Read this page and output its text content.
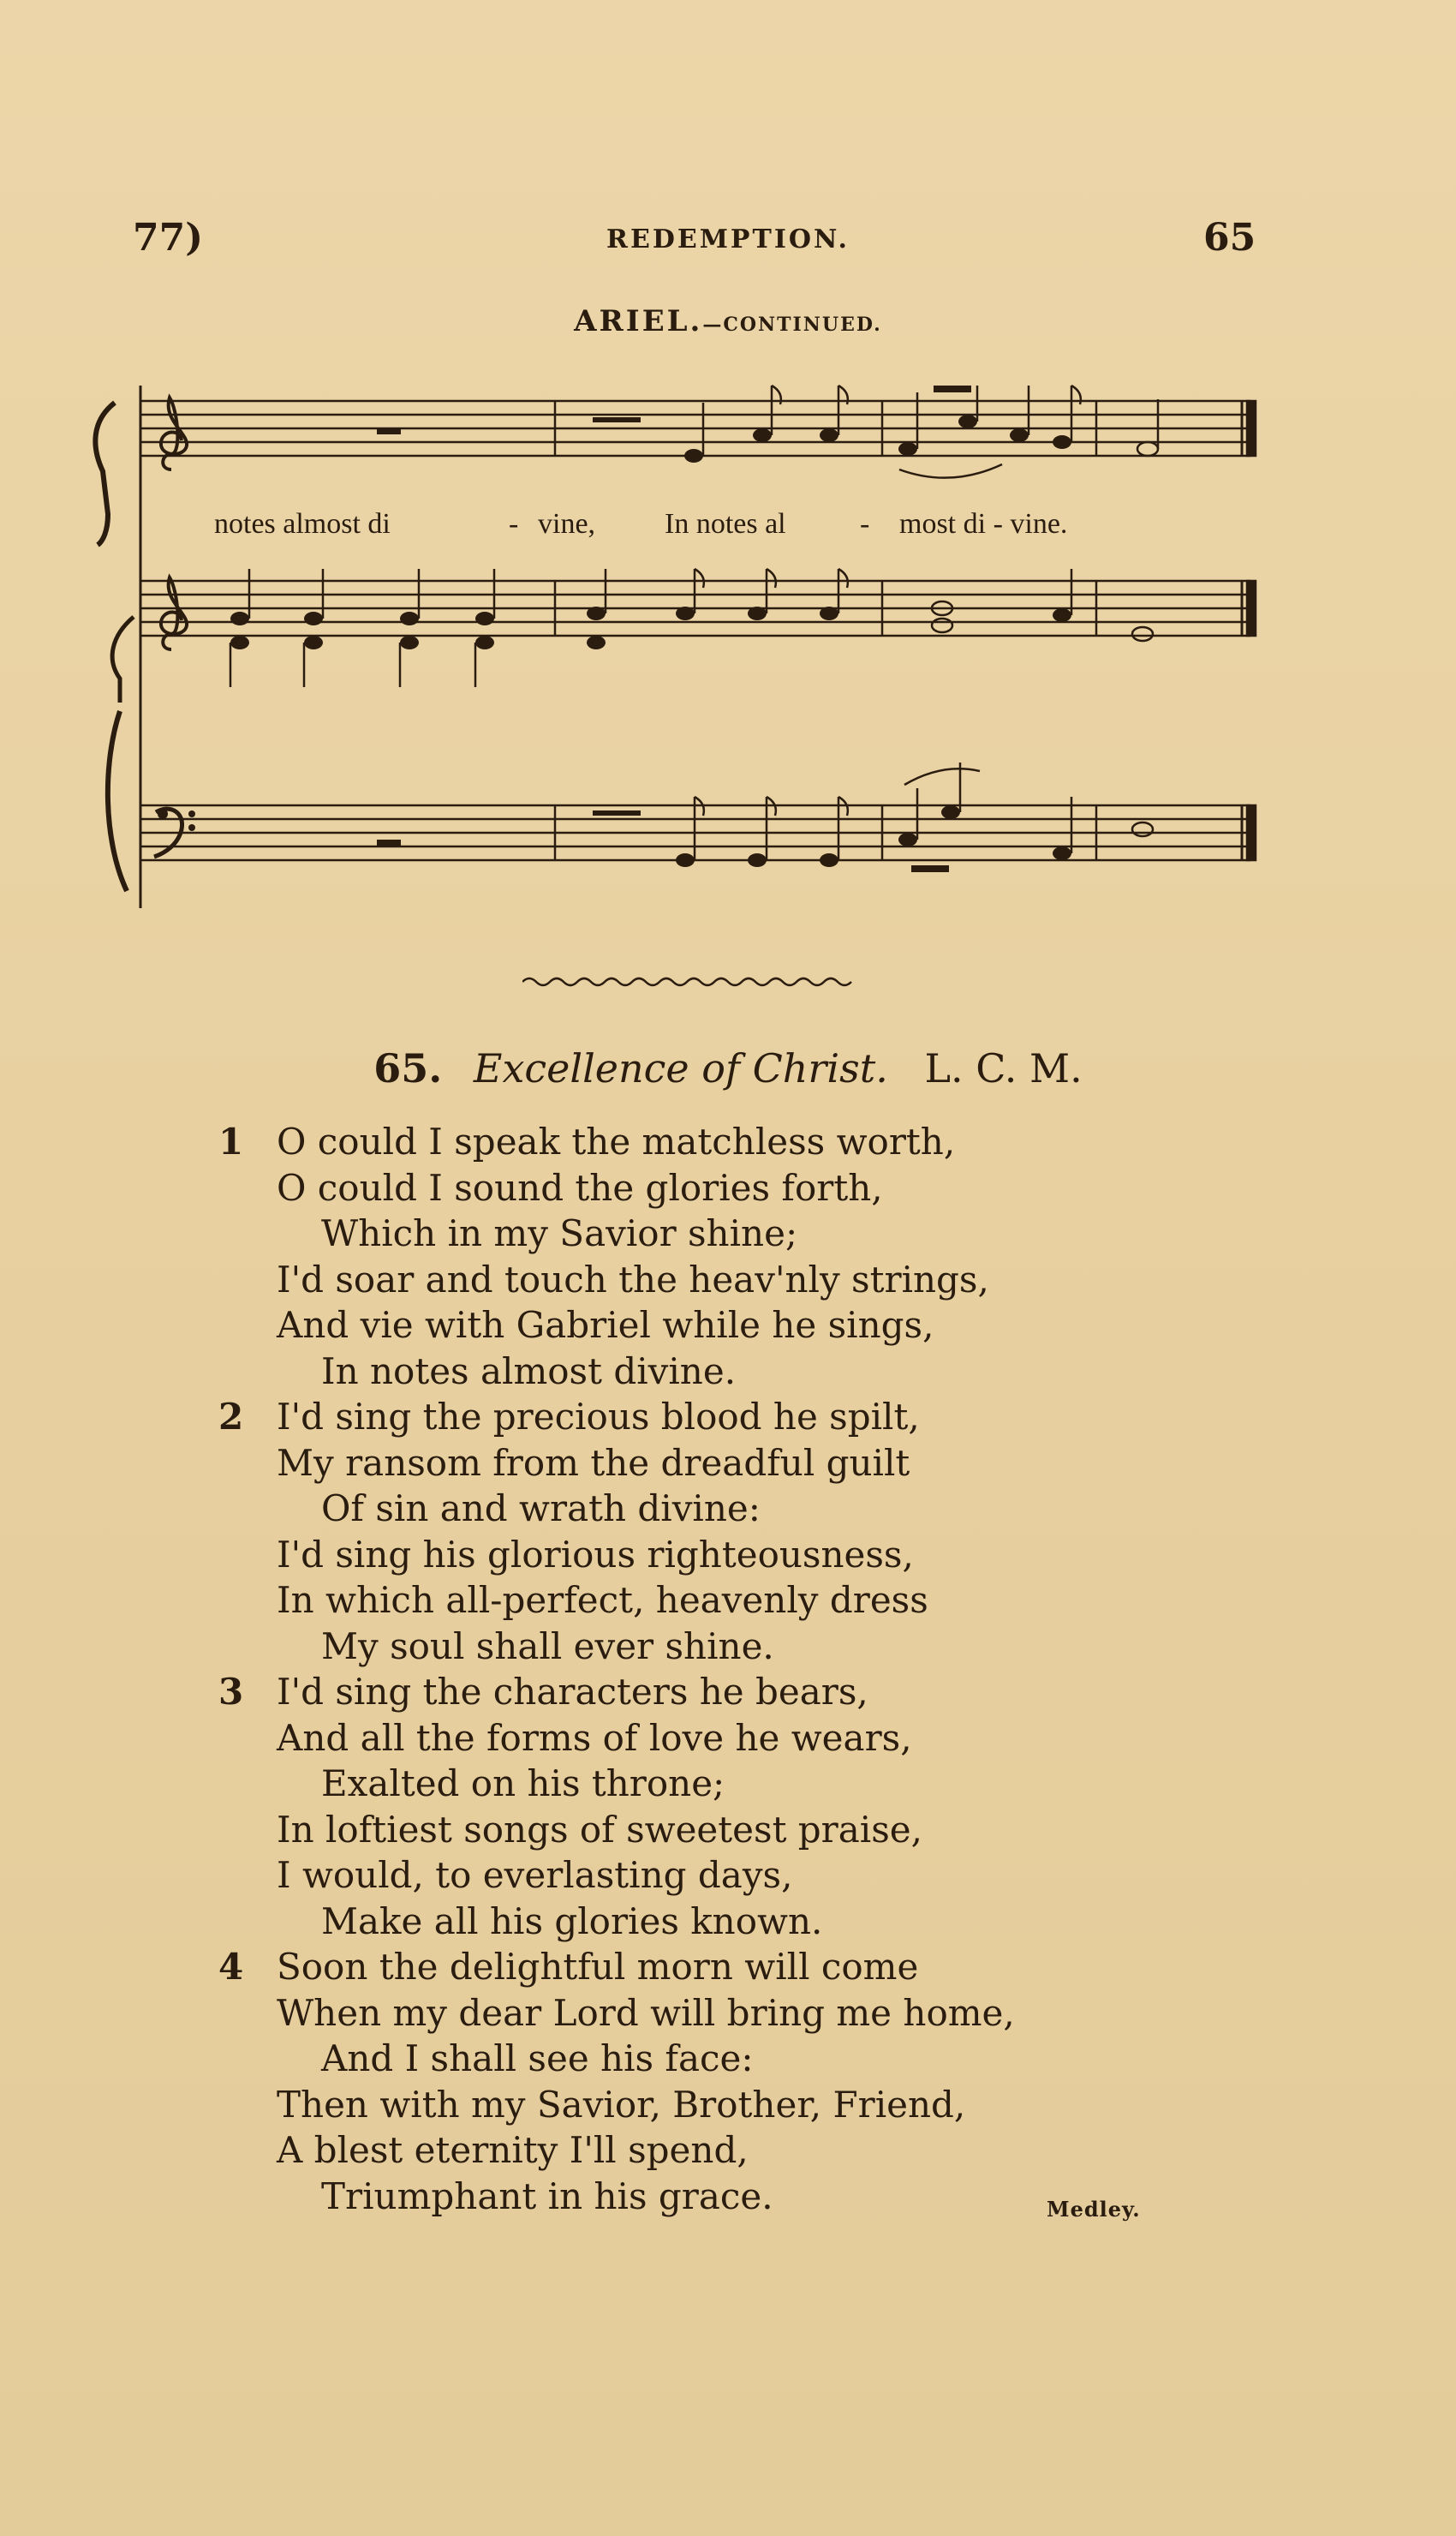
77)	REDEMPTION.	65
ARIEL.—CONTINUED.
notes almost di	- vine, In notes al	- most di - vine.
65. Excellence of Christ. L. C. M.
1 O could I speak the matchless worth,
O could I sound the glories forth,
Which in my Savior shine;
I'd soar and touch the heav'nly strings,
And vie with Gabriel while he sings,
In notes almost divine.
2 I'd sing the precious blood he spilt,
My ransom from the dreadful guilt
Of sin and wrath divine:
I'd sing his glorious righteousness,
In which all-perfect, heavenly dress
My soul shall ever shine.
3 I'd sing the characters he bears,
And all the forms of love he wears,
Exalted on his throne;
In loftiest songs of sweetest praise,
I would, to everlasting days,
Make all his glories known.
4 Soon the delightful morn will come
When my dear Lord will bring me home,
And I shall see his face:
Then with my Savior, Brother, Friend,
A blest eternity I'll spend,
Triumphant in his grace.	Medley.
